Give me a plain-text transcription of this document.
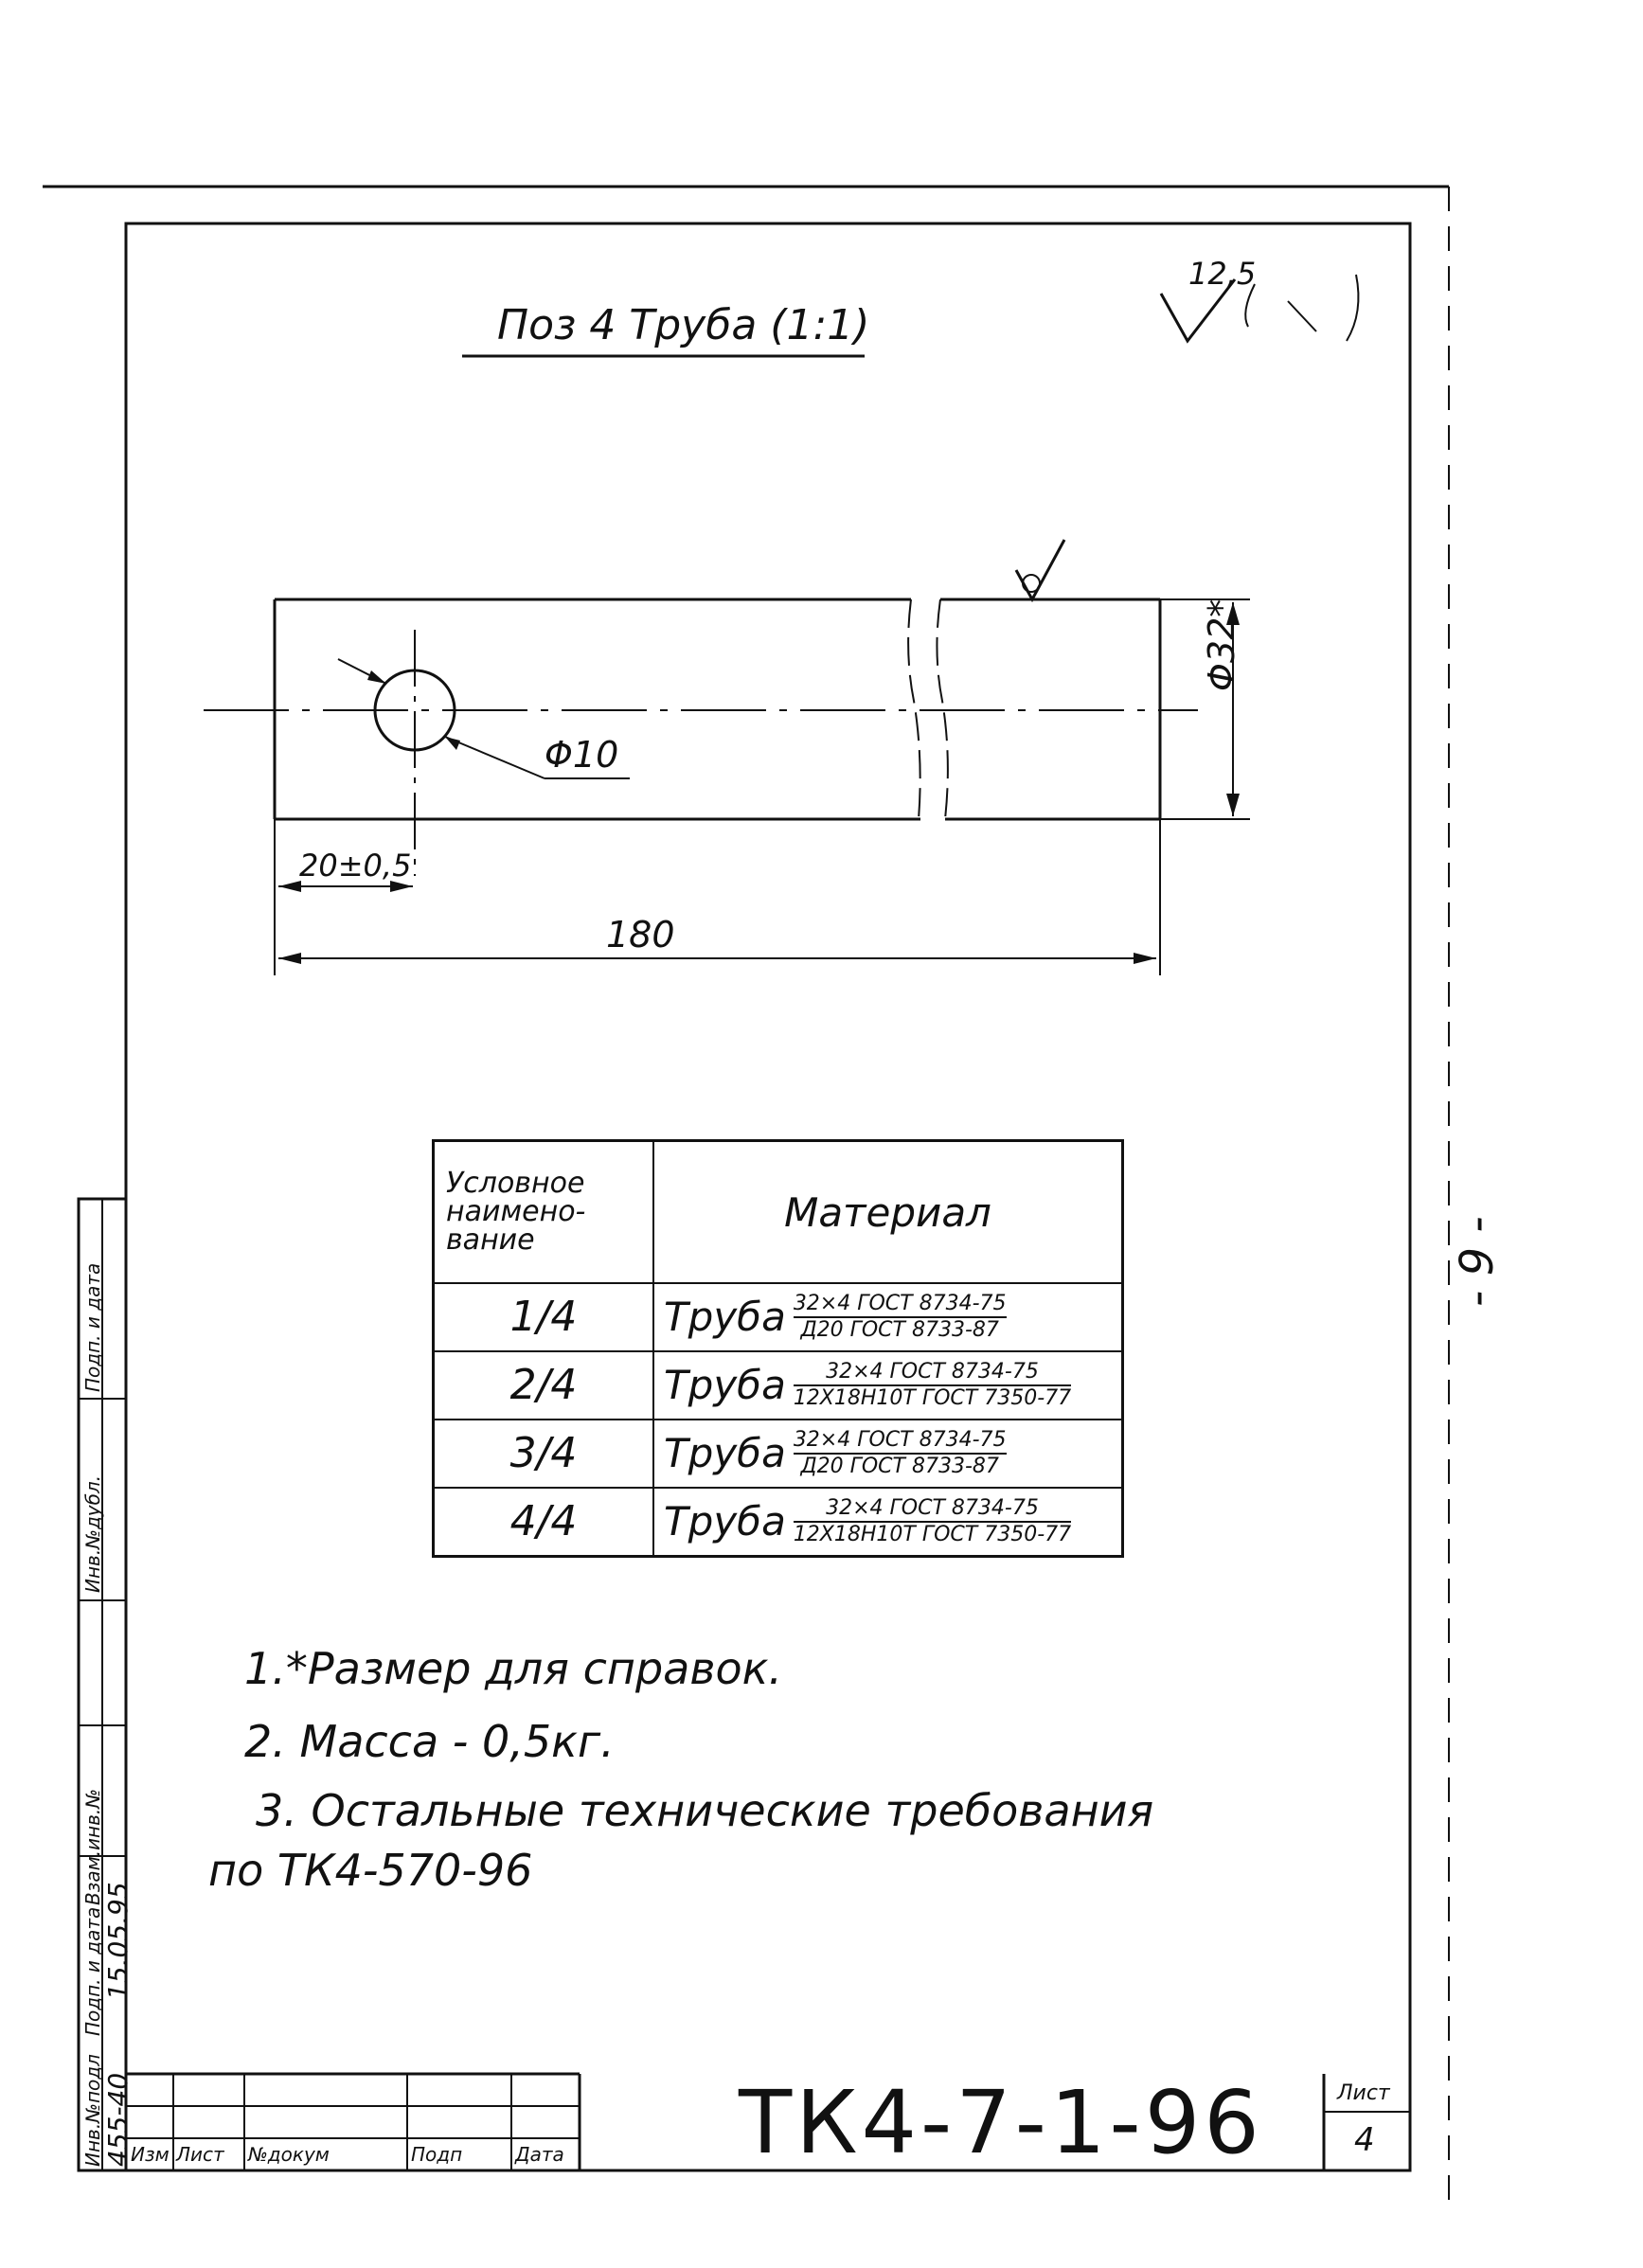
Поз 4 Труба (1:1)
12,5
Φ10
Φ32*
20±0,5
180
Условное
наимено-
вание	Материал
1/4	Труба $\frac{\text{32×4 ГОСТ 8734-75}}{\text{Д20 ГОСТ 8733-87}}$

2/4	Труба $\frac{\text{32×4 ГОСТ 8734-75}}{\text{12Х18Н10Т ГОСТ 7350-77}}$

3/4	Труба $\frac{\text{32×4 ГОСТ 8734-75}}{\text{Д20 ГОСТ 8733-87}}$

4/4	Труба $\frac{\text{32×4 ГОСТ 8734-75}}{\text{12Х18Н10Т ГОСТ 7350-77}}$
1.*Размер для справок.
2. Масса - 0,5кг.
3. Остальные технические требования
по ТК4-570-96
- 9 -
Инв.№подл
Подп. и дата
Взам.инв.№
Инв.№дубл.
Подп. и дата
455-40
15.05.95
Изм Лист №докум	Подп	Дата ТК4-7-1-96	Лист
4
